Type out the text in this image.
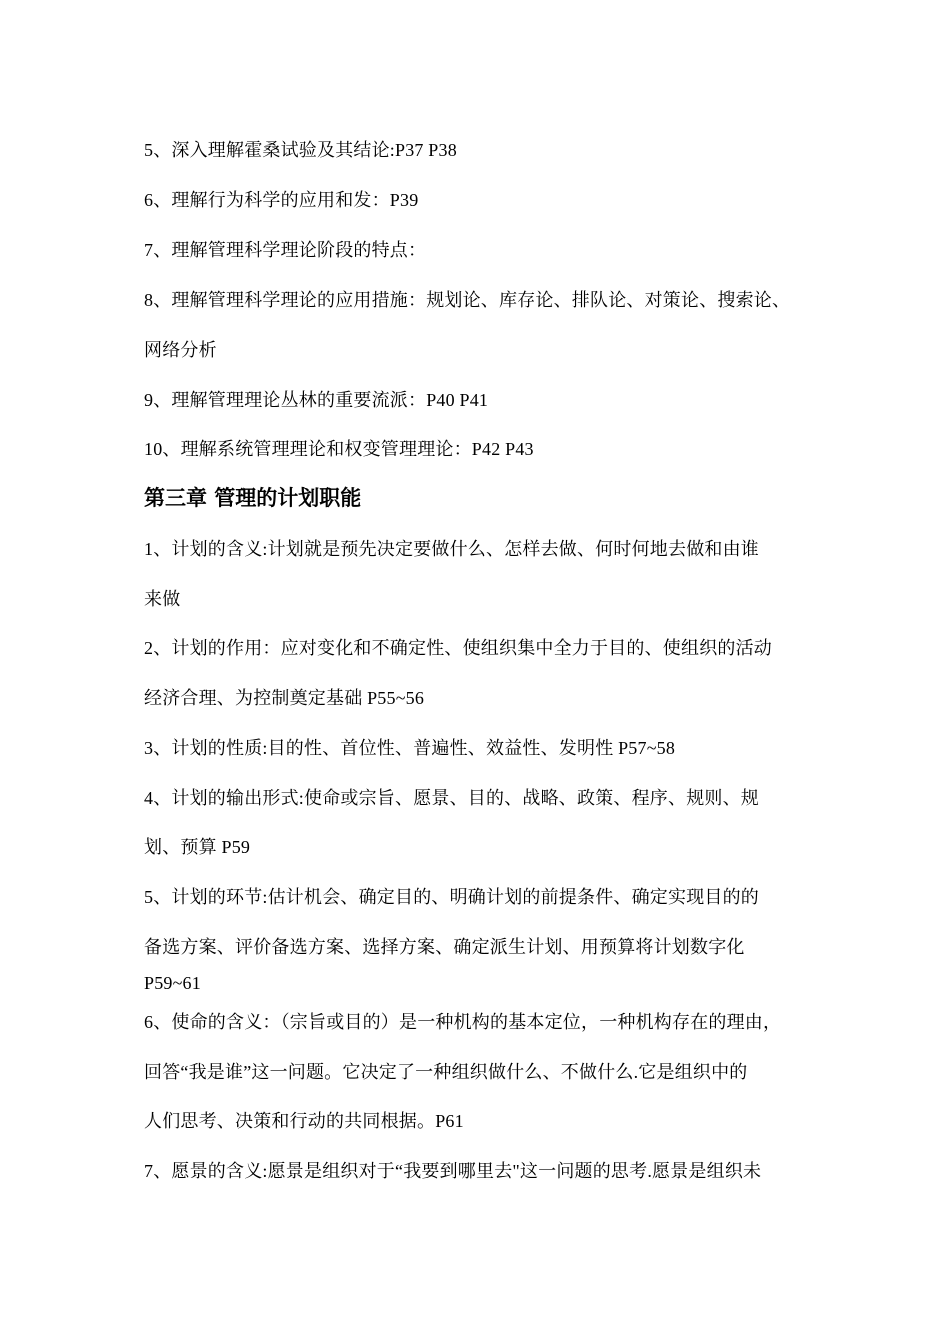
5、深入理解霍桑试验及其结论:P37 P38
6、理解行为科学的应用和发：P39
7、理解管理科学理论阶段的特点：
8、理解管理科学理论的应用措施：规划论、库存论、排队论、对策论、搜索论、
网络分析
9、理解管理理论丛林的重要流派：P40 P41
10、理解系统管理理论和权变管理理论：P42 P43
第三章 管理的计划职能
1、计划的含义:计划就是预先决定要做什么、怎样去做、何时何地去做和由谁
来做
2、计划的作用：应对变化和不确定性、使组织集中全力于目的、使组织的活动
经济合理、为控制奠定基础 P55~56
3、计划的性质:目的性、首位性、普遍性、效益性、发明性 P57~58
4、计划的输出形式:使命或宗旨、愿景、目的、战略、政策、程序、规则、规
划、预算 P59
5、计划的环节:估计机会、确定目的、明确计划的前提条件、确定实现目的的
备选方案、评价备选方案、选择方案、确定派生计划、用预算将计划数字化
P59~61
6、使命的含义：（宗旨或目的）是一种机构的基本定位，一种机构存在的理由，
回答“我是谁”这一问题。它决定了一种组织做什么、不做什么.它是组织中的
人们思考、决策和行动的共同根据。P61
7、愿景的含义:愿景是组织对于“我要到哪里去"这一问题的思考.愿景是组织未
